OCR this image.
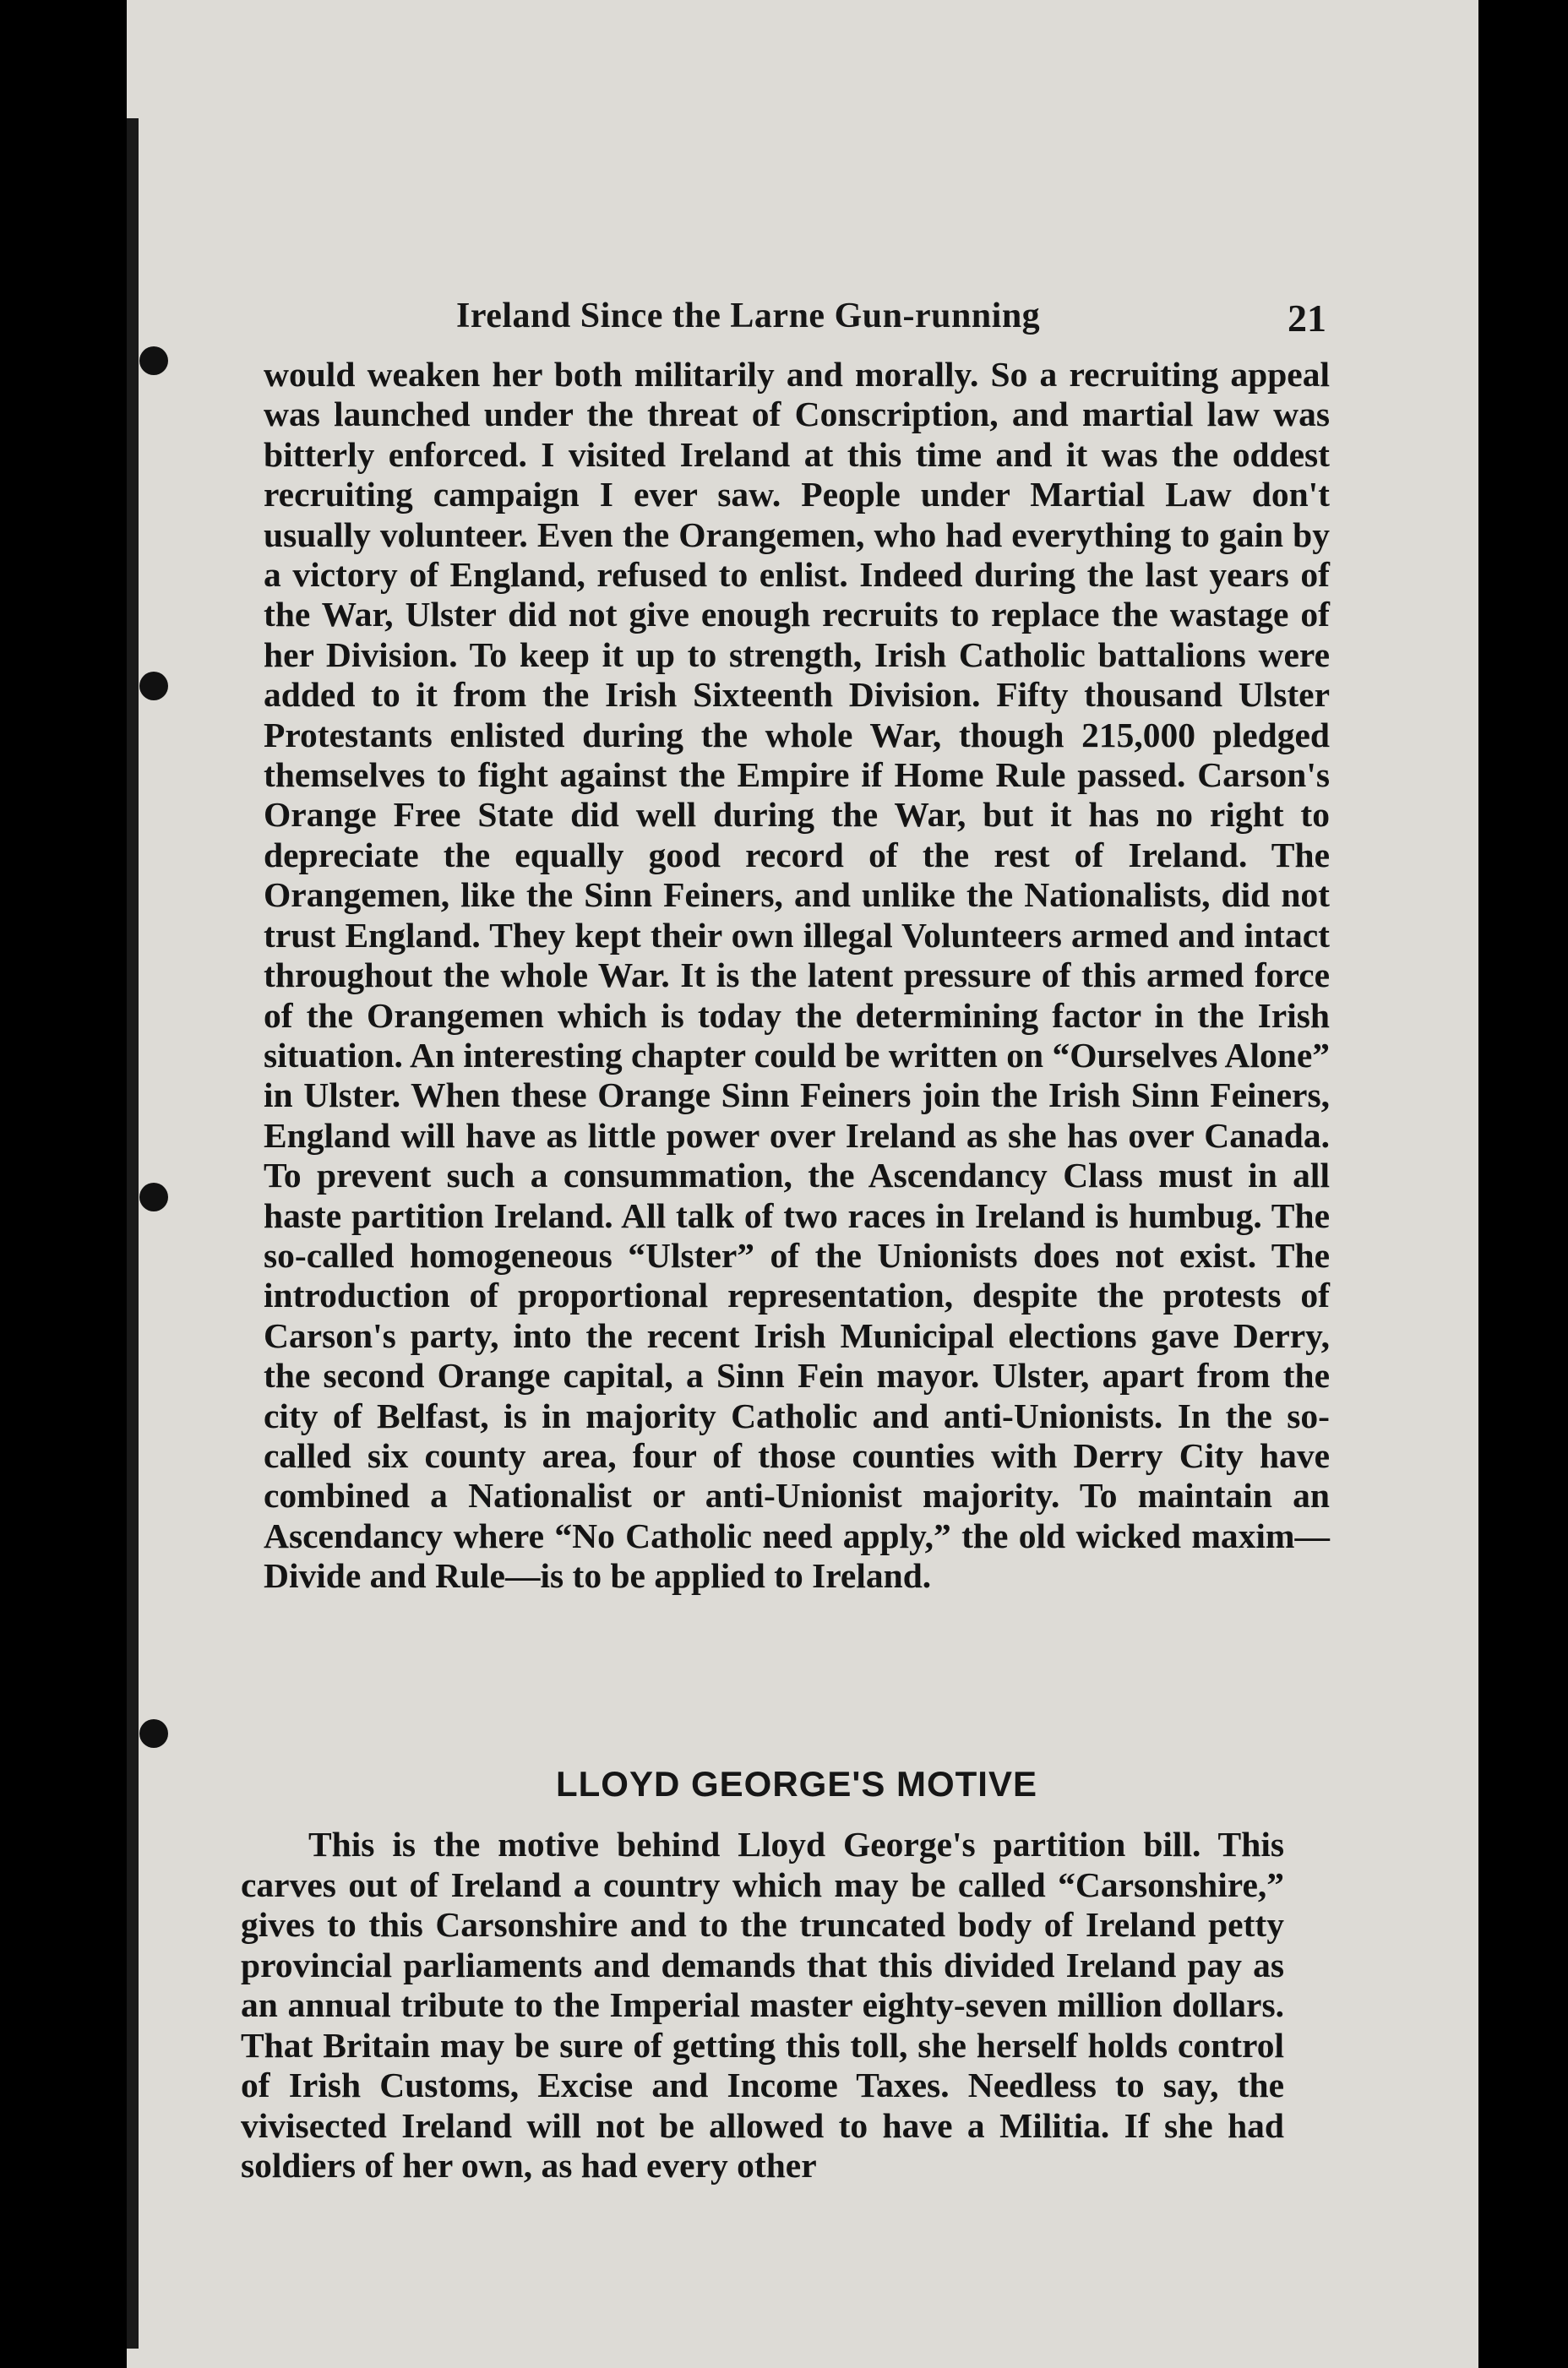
Ireland Since the Larne Gun-running	21

would weaken her both militarily and morally. So a recruiting appeal was launched under the threat of Conscription, and martial law was bitterly enforced. I visited Ireland at this time and it was the oddest recruiting campaign I ever saw. People under Martial Law don't usually volunteer. Even the Orangemen, who had everything to gain by a victory of England, refused to enlist. Indeed during the last years of the War, Ulster did not give enough recruits to replace the wastage of her Division. To keep it up to strength, Irish Catholic battalions were added to it from the Irish Sixteenth Division. Fifty thousand Ulster Protestants enlisted during the whole War, though 215,000 pledged themselves to fight against the Empire if Home Rule passed. Carson's Orange Free State did well during the War, but it has no right to depreciate the equally good record of the rest of Ireland. The Orangemen, like the Sinn Feiners, and unlike the Nationalists, did not trust England. They kept their own illegal Volunteers armed and intact throughout the whole War. It is the latent pressure of this armed force of the Orangemen which is today the determining factor in the Irish situation. An interesting chapter could be written on “Ourselves Alone” in Ulster. When these Orange Sinn Feiners join the Irish Sinn Feiners, England will have as little power over Ireland as she has over Canada. To prevent such a consummation, the Ascendancy Class must in all haste partition Ireland. All talk of two races in Ireland is humbug. The so-called homogeneous “Ulster” of the Unionists does not exist. The introduction of proportional representation, despite the protests of Carson's party, into the recent Irish Municipal elections gave Derry, the second Orange capital, a Sinn Fein mayor. Ulster, apart from the city of Belfast, is in majority Catholic and anti-Unionists. In the so-called six county area, four of those counties with Derry City have combined a Nationalist or anti-Unionist majority. To maintain an Ascendancy where “No Catholic need apply,” the old wicked maxim—Divide and Rule—is to be applied to Ireland.

LLOYD GEORGE'S MOTIVE

This is the motive behind Lloyd George's partition bill. This carves out of Ireland a country which may be called “Carsonshire,” gives to this Carsonshire and to the truncated body of Ireland petty provincial parliaments and demands that this divided Ireland pay as an annual tribute to the Imperial master eighty-seven million dollars. That Britain may be sure of getting this toll, she herself holds control of Irish Customs, Excise and Income Taxes. Needless to say, the vivisected Ireland will not be allowed to have a Militia. If she had soldiers of her own, as had every other
